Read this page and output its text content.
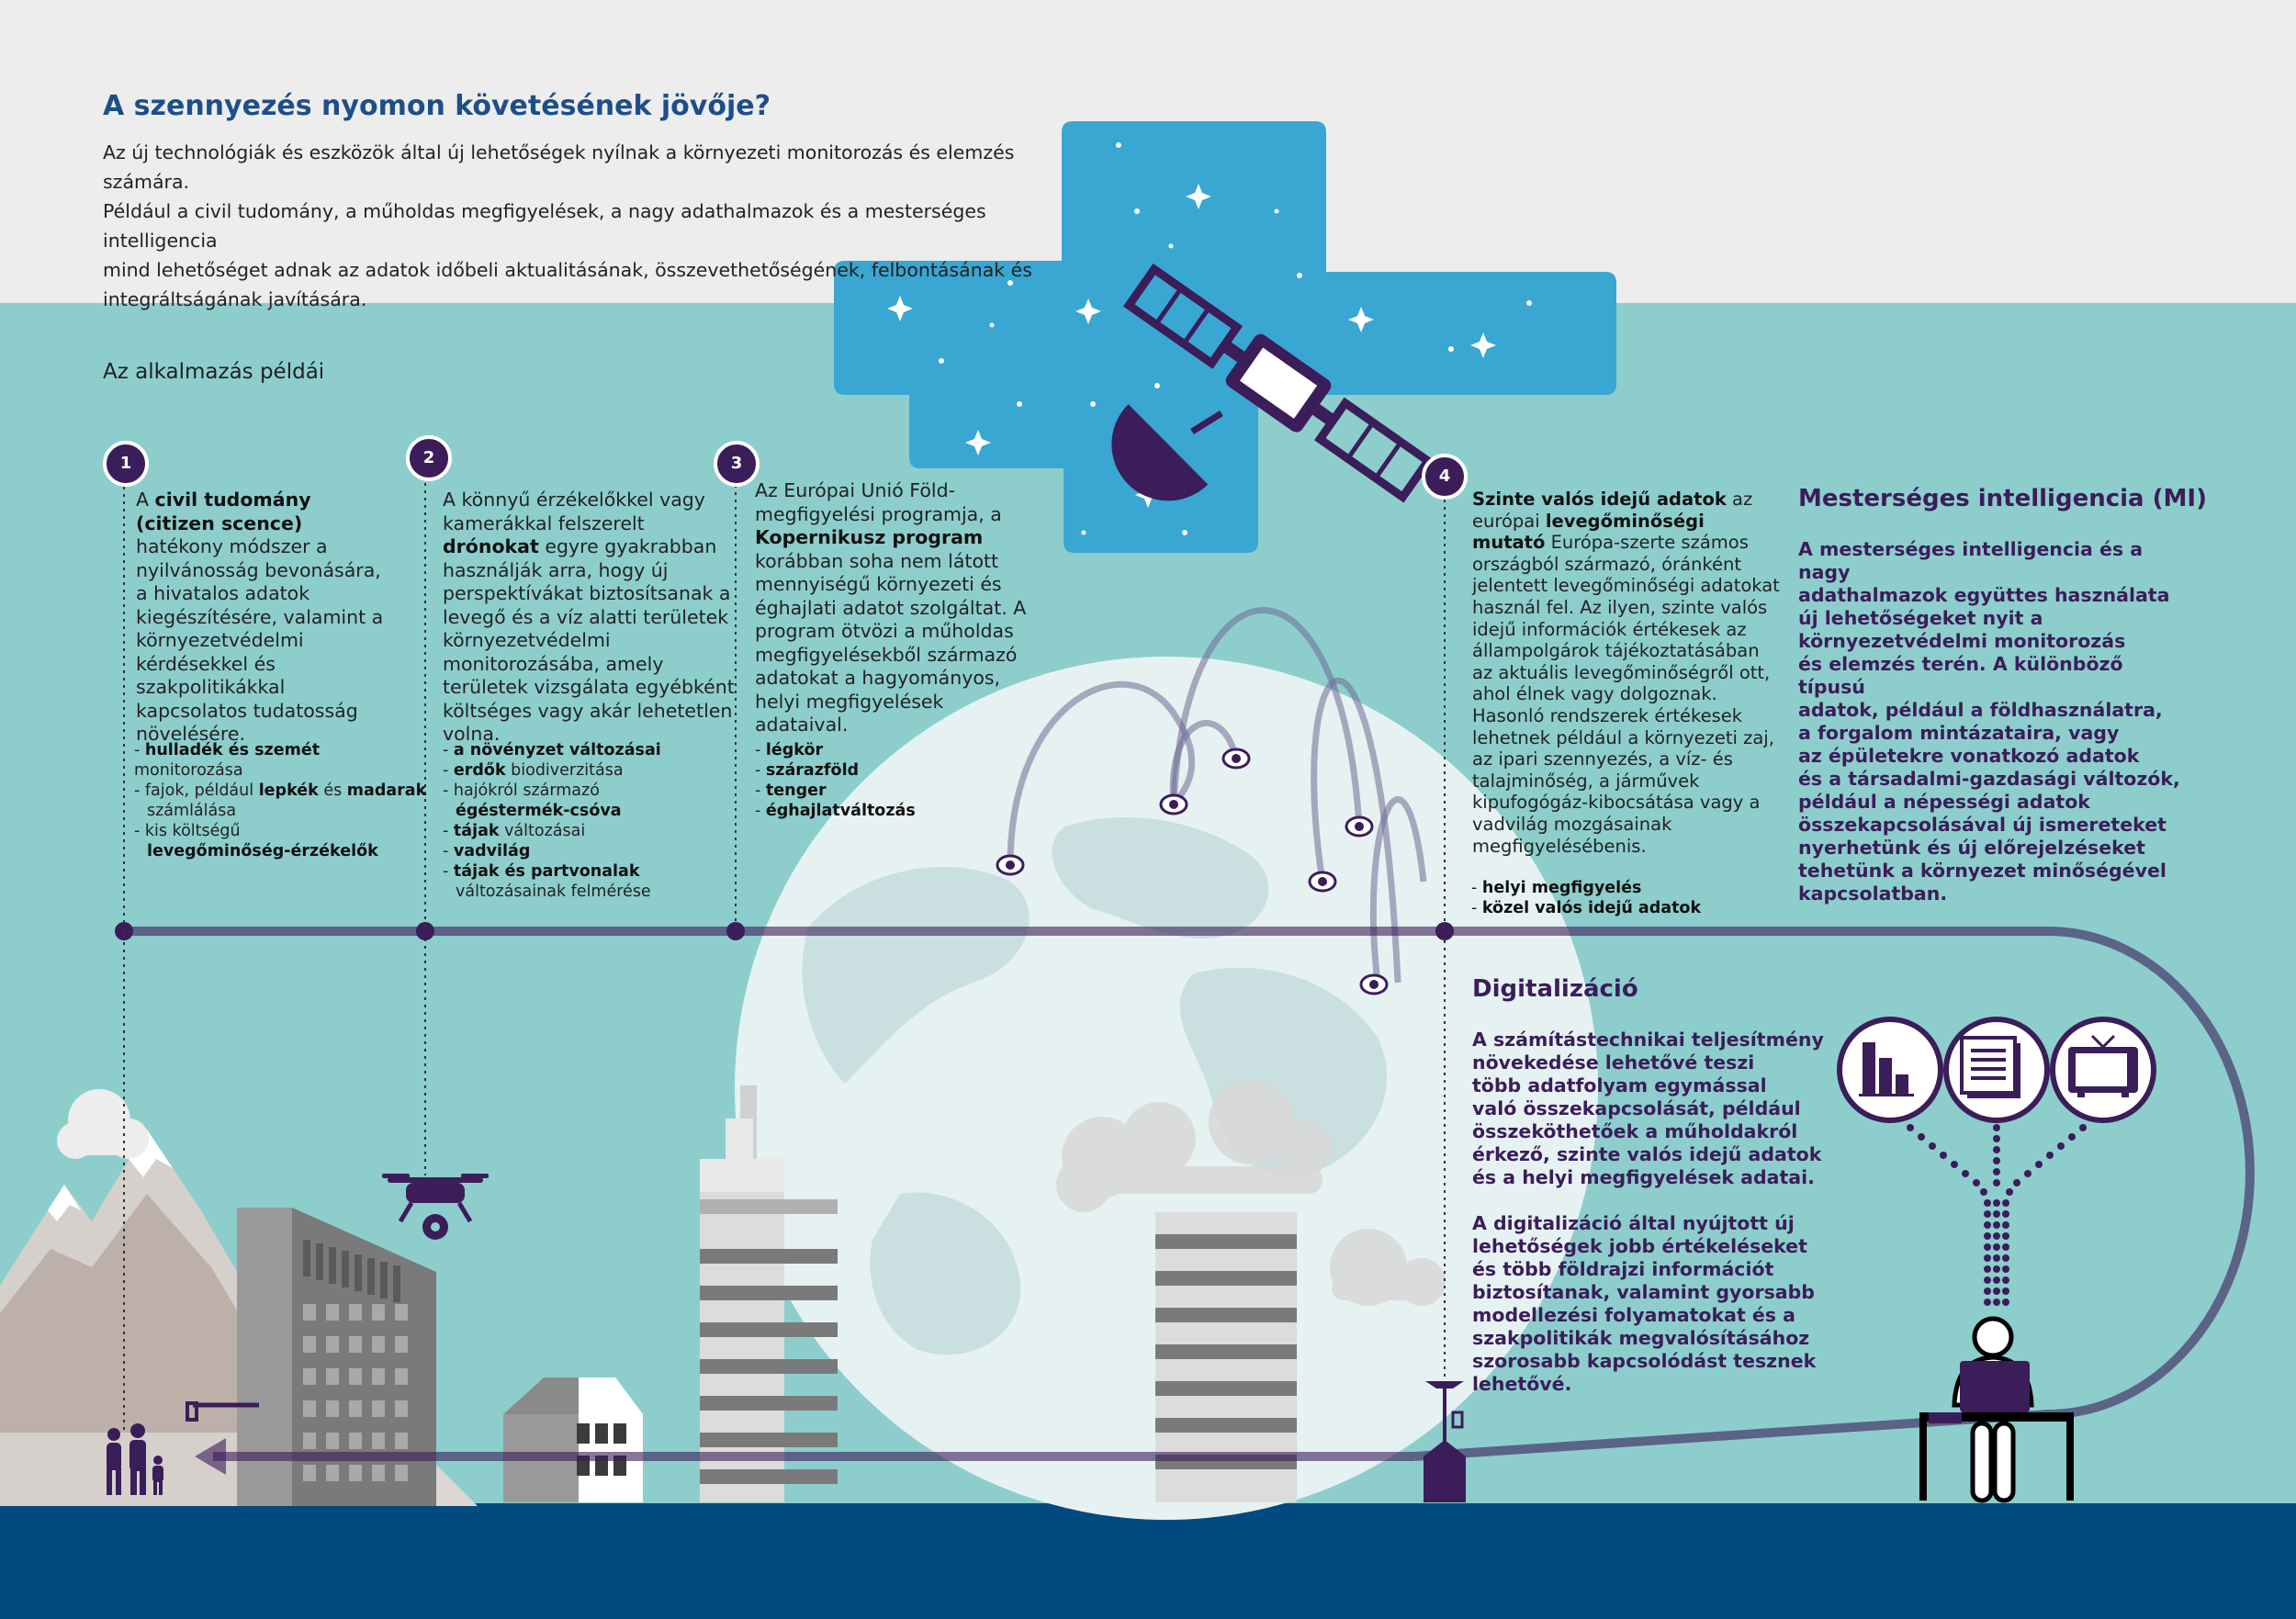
A szennyezés nyomon követésének jövője?
Az új technológiák és eszközök által új lehetőségek nyílnak a környezeti monitorozás és elemzés számára.
Például a civil tudomány, a műholdas megfigyelések, a nagy adathalmazok és a mesterséges intelligencia
mind lehetőséget adnak az adatok időbeli aktualitásának, összevethetőségének, felbontásának és
integráltságának javítására.
Az alkalmazás példái
1	2	3
4
A civil tudomány (citizen scence) hatékony módszer a nyilvánosság bevonására, a hivatalos adatok kiegészítésére, valamint a környezetvédelmi kérdésekkel és szakpolitikákkal kapcsolatos tudatosság növelésére.
- hulladék és szemét monitorozása
- fajok, például lepkék és madarak
számlálása
- kis költségű
levegőminőség-érzékelők
A könnyű érzékelőkkel vagy kamerákkal felszerelt drónokat egyre gyakrabban használják arra, hogy új perspektívákat biztosítsanak a levegő és a víz alatti területek környezetvédelmi monitorozásába, amely területek vizsgálata egyébként költséges vagy akár lehetetlen volna.
- a növényzet változásai
- erdők biodiverzitása
- hajókról származó
égéstermék-csóva
- tájak változásai
- vadvilág
- tájak és partvonalak
változásainak felmérése
Az Európai Unió Föld-megfigyelési programja, a Kopernikusz program korábban soha nem látott mennyiségű környezeti és éghajlati adatot szolgáltat. A program ötvözi a műholdas megfigyelésekből származó adatokat a hagyományos, helyi megfigyelések adataival.
- légkör
- szárazföld
- tenger
- éghajlatváltozás
Szinte valós idejű adatok az európai levegőminőségi mutató Európa-szerte számos országból származó, óránként jelentett levegőminőségi adatokat használ fel. Az ilyen, szinte valós idejű információk értékesek az állampolgárok tájékoztatásában az aktuális levegőminőségről ott, ahol élnek vagy dolgoznak. Hasonló rendszerek értékesek lehetnek például a környezeti zaj, az ipari szennyezés, a víz- és talajminőség, a járművek kipufogógáz-kibocsátása vagy a vadvilág mozgásainak megfigyelésébenis.
- helyi megfigyelés
- közel valós idejű adatok
Mesterséges intelligencia (MI)
A mesterséges intelligencia és a nagy
adathalmazok együttes használata
új lehetőségeket nyit a
környezetvédelmi monitorozás
és elemzés terén. A különböző típusú
adatok, például a földhasználatra,
a forgalom mintázataira, vagy
az épületekre vonatkozó adatok
és a társadalmi-gazdasági változók,
például a népességi adatok
összekapcsolásával új ismereteket
nyerhetünk és új előrejelzéseket
tehetünk a környezet minőségével
kapcsolatban.
Digitalizáció
A számítástechnikai teljesítmény
növekedése lehetővé teszi
több adatfolyam egymással
való összekapcsolását, például
összeköthetőek a műholdakról
érkező, szinte valós idejű adatok
és a helyi megfigyelések adatai.
A digitalizáció által nyújtott új
lehetőségek jobb értékeléseket
és több földrajzi információt
biztosítanak, valamint gyorsabb
modellezési folyamatokat és a
szakpolitikák megvalósításához
szorosabb kapcsolódást tesznek
lehetővé.
